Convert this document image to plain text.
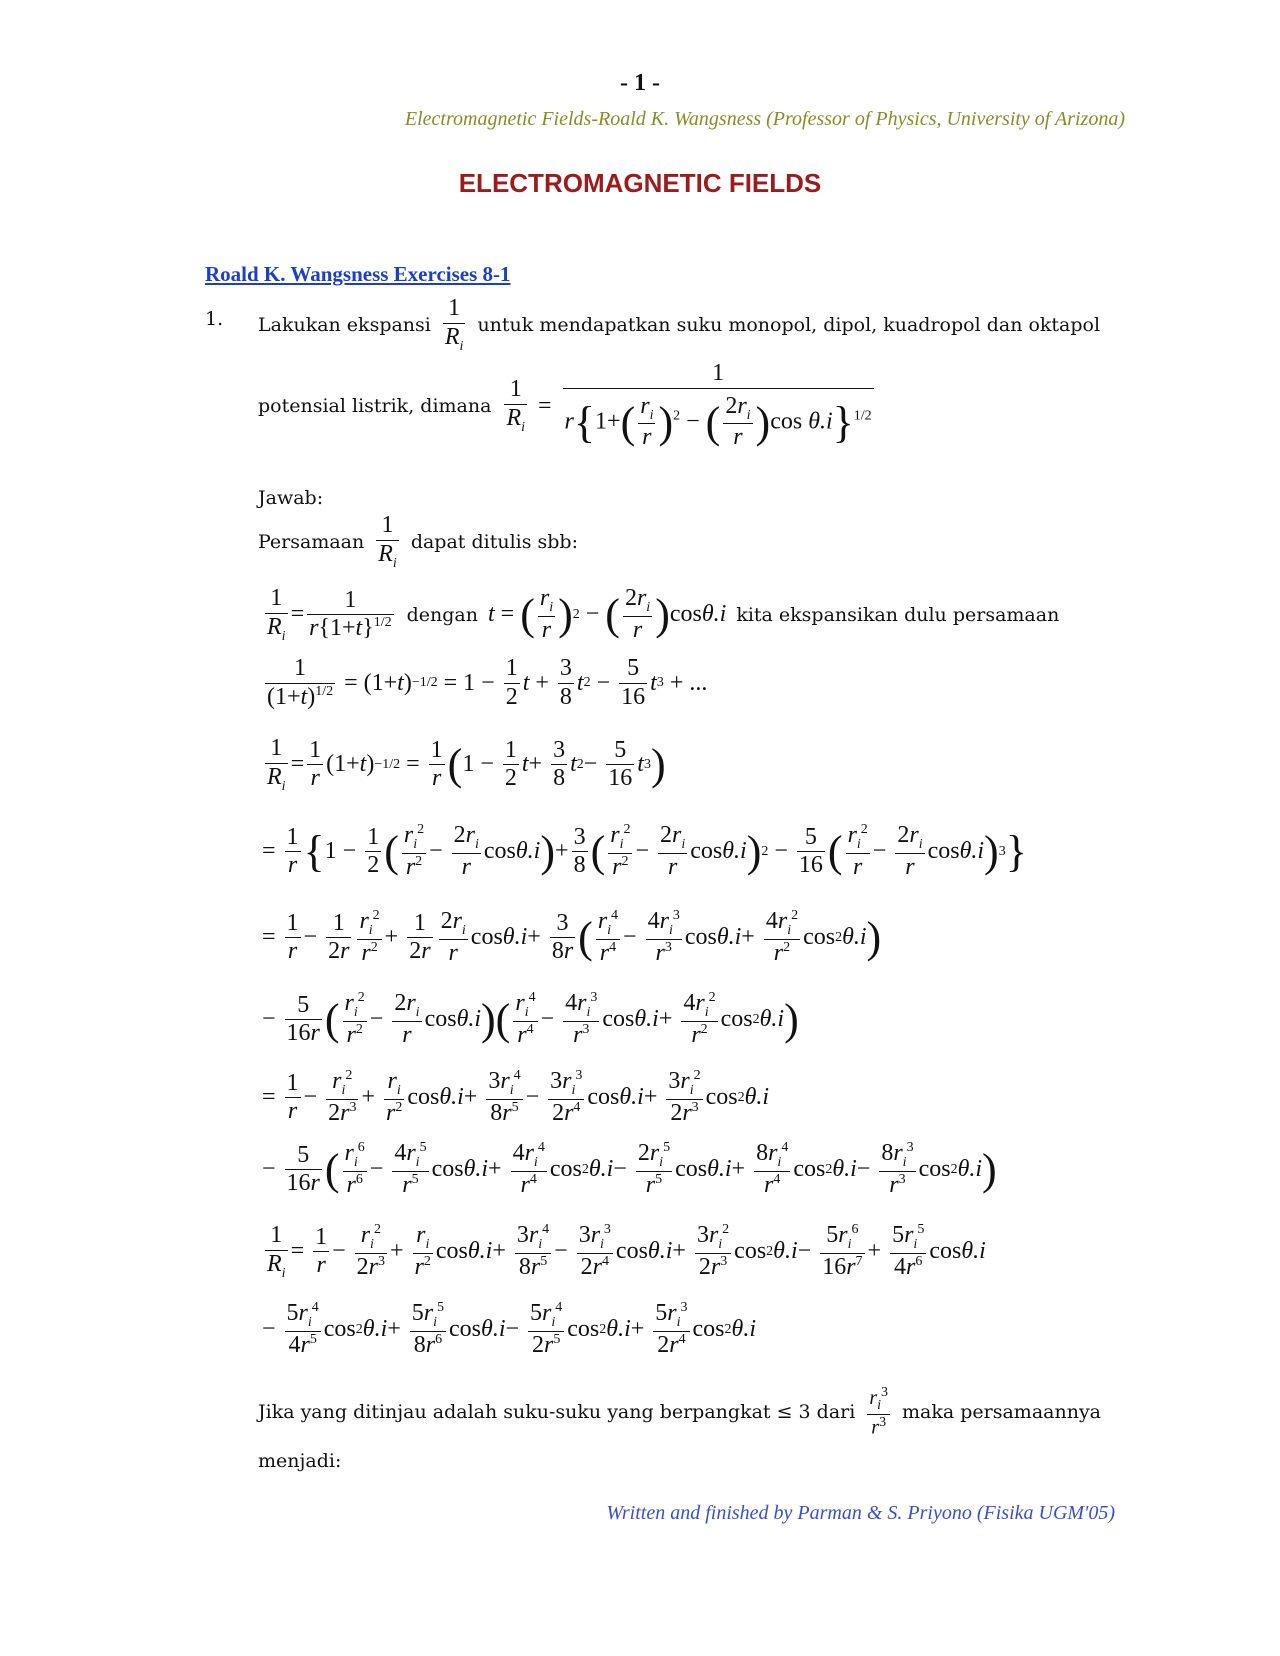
- 1 -
Electromagnetic Fields-Roald K. Wangsness (Professor of Physics, University of Arizona)
ELECTROMAGNETIC FIELDS
Roald K. Wangsness Exercises 8-1
1. Lakukan ekspansi $\frac{1}{R_i}$ untuk mendapatkan suku monopol, dipol, kuadropol dan oktapol
potensial listrik, dimana $\frac{1}{R_i} = \frac{1}{r\{1+( \frac{r_i}{r} )^2 - ( \frac{2r_i}{r} )\cos \theta.i\}^{1/2}}$
Jawab:
Persamaan $\frac{1}{R_i}$ dapat ditulis sbb:
$\frac{1}{R_i} = \frac{1}{r\{1+t\}^{1/2}}$ dengan t = ( $\frac{r_i}{r}$ ) 2 − ( $\frac{2r_i}{r}$ ) cos θ.i kita ekspansikan dulu persamaan
$\frac{1}{(1+t)^{1/2}} = (1+ t$ ) $-1/2 = 1 - \frac{1}{2}$ $t + \frac{3}{8}$ t $2 - \frac{5}{16}$ t 3 + ...
$\frac{1}{R_i} = \frac{1}{r} (1+ t$ ) $-1/2 = \frac{1}{r}$ ( $1 - \frac{1}{2}$ $t + \frac{3}{8}$ t $2 - \frac{5}{16}$ t 3 )
= $\frac{1}{r}$ { $1 - \frac{1}{2}$ ( $\frac{r_i^2}{r^2} - \frac{2r_i}{r}$ cos θ.i ) + $\frac{3}{8}$ ( $\frac{r_i^2}{r^2} - \frac{2r_i}{r}$ cos θ.i ) $2 - \frac{5}{16}$ ( $\frac{r_i^2}{r} - \frac{2r_i}{r}$ cos θ.i ) 3 }
= $\frac{1}{r} - \frac{1}{2r} \frac{r_i^2}{r^2} + \frac{1}{2r} \frac{2r_i}{r}$ $\cos \theta.i + \frac{3}{8r}$ ( $\frac{r_i^4}{r^4} - \frac{4r_i^3}{r^3}$ $\cos \theta.i + \frac{4r_i^2}{r^2}$ cos 2 θ.i )
− $\frac{5}{16r}$ ( $\frac{r_i^2}{r^2} - \frac{2r_i}{r}$ cos θ.i )( $\frac{r_i^4}{r^4} - \frac{4r_i^3}{r^3}$ $\cos \theta.i + \frac{4r_i^2}{r^2}$ cos 2 θ.i )
= $\frac{1}{r} - \frac{r_i^2}{2r^3} + \frac{r_i}{r^2}$ $\cos \theta.i + \frac{3r_i^4}{8r^5} - \frac{3r_i^3}{2r^4}$ $\cos \theta.i + \frac{3r_i^2}{2r^3}$ cos 2 θ.i
− $\frac{5}{16r}$ ( $\frac{r_i^6}{r^6} - \frac{4r_i^5}{r^5}$ $\cos \theta.i + \frac{4r_i^4}{r^4}$ cos 2 $\theta.i - \frac{2r_i^5}{r^5}$ $\cos \theta.i + \frac{8r_i^4}{r^4}$ cos 2 $\theta.i - \frac{8r_i^3}{r^3}$ cos 2 θ.i )
$\frac{1}{R_i} = \frac{1}{r} - \frac{r_i^2}{2r^3} + \frac{r_i}{r^2}$ $\cos \theta.i + \frac{3r_i^4}{8r^5} - \frac{3r_i^3}{2r^4}$ $\cos \theta.i + \frac{3r_i^2}{2r^3}$ cos 2 $\theta.i - \frac{5r_i^6}{16r^7} + \frac{5r_i^5}{4r^6}$ cos θ.i
− $\frac{5r_i^4}{4r^5}$ cos 2 $\theta.i + \frac{5r_i^5}{8r^6}$ $\cos \theta.i - \frac{5r_i^4}{2r^5}$ cos 2 $\theta.i + \frac{5r_i^3}{2r^4}$ cos 2 θ.i
Jika yang ditinjau adalah suku-suku yang berpangkat ≤ 3 dari $\frac{r_i^3}{r^3}$ maka persamaannya
menjadi:
Written and finished by Parman & S. Priyono (Fisika UGM'05)
